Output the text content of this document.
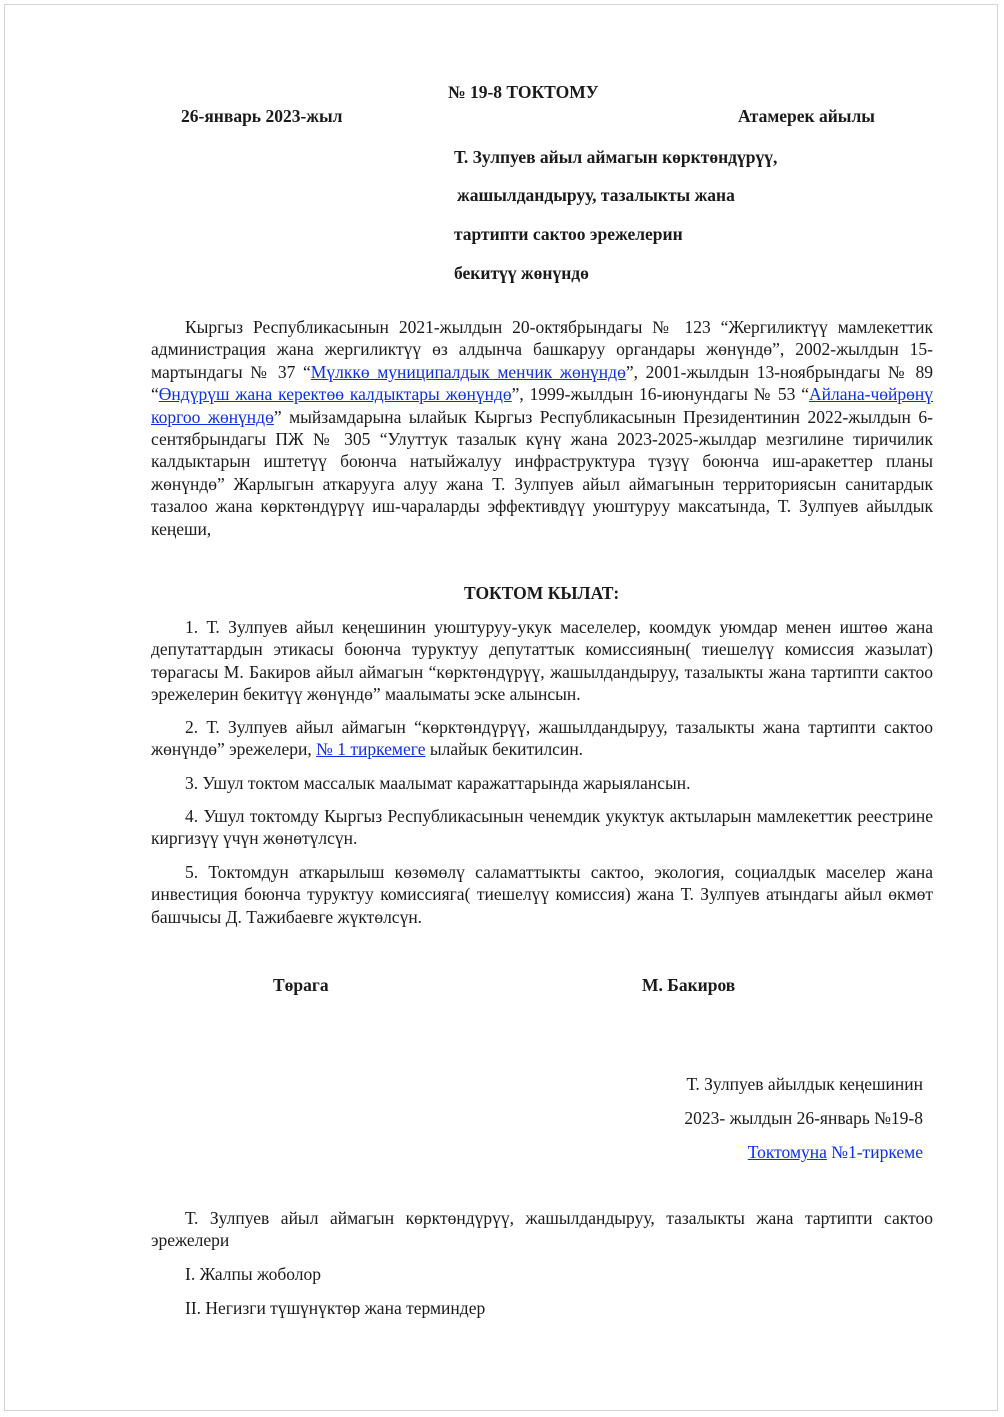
№ 19-8 ТОКТОМУ
26-январь 2023-жыл	Атамерек айылы
Т. Зулпуев айыл аймагын көрктөндүрүү,
жашылдандыруу, тазалыкты жана
тартипти сактоо эрежелерин
бекитүү жөнүндө
Кыргыз Республикасынын 2021-жылдын 20-октябрындагы № 123 “Жергиликтүү мамлекеттик администрация жана жергиликтүү өз алдынча башкаруу органдары жөнүндө”, 2002-жылдын 15-мартындагы № 37 “Мүлккө муниципалдык менчик жөнүндө”, 2001-жылдын 13-ноябрындагы № 89 “Өндүрүш жана керектөө калдыктары жөнүндө”, 1999-жылдын 16-июнундагы № 53 “Айлана-чөйрөнү коргоо жөнүндө” мыйзамдарына ылайык Кыргыз Республикасынын Президентинин 2022-жылдын 6-сентябрындагы ПЖ № 305 “Улуттук тазалык күнү жана 2023-2025-жылдар мезгилине тиричилик калдыктарын иштетүү боюнча натыйжалуу инфраструктура түзүү боюнча иш-аракеттер планы жөнүндө” Жарлыгын аткарууга алуу жана Т. Зулпуев айыл аймагынын территориясын санитардык тазалоо жана көрктөндүрүү иш-чараларды эффективдүү уюштуруу максатында, Т. Зулпуев айылдык кеңеши,
ТОКТОМ КЫЛАТ:
1. Т. Зулпуев айыл кеңешинин уюштуруу-укук маселелер, коомдук уюмдар менен иштөө жана депутаттардын этикасы боюнча туруктуу депутаттык комиссиянын( тиешелүү комиссия жазылат) төрагасы М. Бакиров айыл аймагын “көрктөндүрүү, жашылдандыруу, тазалыкты жана тартипти сактоо эрежелерин бекитүү жөнүндө” маалыматы эске алынсын.
2. Т. Зулпуев айыл аймагын “көрктөндүрүү, жашылдандыруу, тазалыкты жана тартипти сактоо жөнүндө” эрежелери, № 1 тиркемеге ылайык бекитилсин.
3. Ушул токтом массалык маалымат каражаттарында жарыялансын.
4. Ушул токтомду Кыргыз Республикасынын ченемдик укуктук актыларын мамлекеттик реестрине киргизүү үчүн жөнөтүлсүн.
5. Токтомдун аткарылыш көзөмөлү саламаттыкты сактоо, экология, социалдык маселер жана инвестиция боюнча туруктуу комиссияга( тиешелүү комиссия) жана Т. Зулпуев атындагы айыл өкмөт башчысы Д. Тажибаевге жүктөлсүн.
Төрага	М. Бакиров
Т. Зулпуев айылдык кеңешинин
2023- жылдын 26-январь №19-8
Токтомуна №1-тиркеме
Т. Зулпуев айыл аймагын көрктөндүрүү, жашылдандыруу, тазалыкты жана тартипти сактоо эрежелери
I. Жалпы жоболор
II. Негизги түшүнүктөр жана терминдер
